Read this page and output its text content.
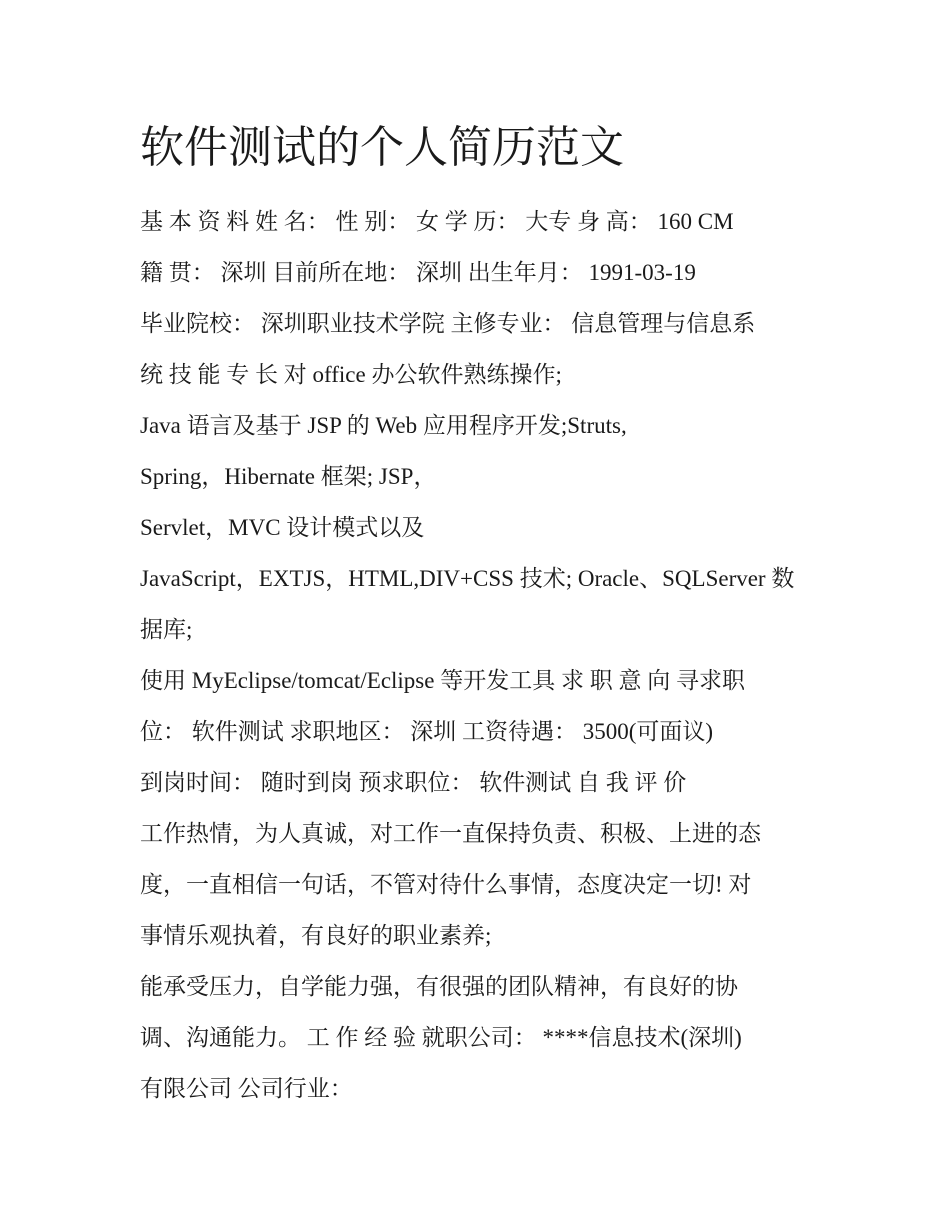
软件测试的个人简历范文

基 本 资 料 姓 名： 性 别： 女 学 历： 大专 身 高： 160 CM

籍 贯： 深圳 目前所在地： 深圳 出生年月： 1991-03-19

毕业院校： 深圳职业技术学院 主修专业： 信息管理与信息系

统 技 能 专 长 对 office 办公软件熟练操作;

Java 语言及基于 JSP 的 Web 应用程序开发;Struts,

Spring，Hibernate 框架; JSP，

Servlet，MVC 设计模式以及

JavaScript，EXTJS，HTML,DIV+CSS 技术; Oracle、SQLServer 数

据库;

使用 MyEclipse/tomcat/Eclipse 等开发工具 求 职 意 向 寻求职

位： 软件测试 求职地区： 深圳 工资待遇： 3500(可面议)

到岗时间： 随时到岗 预求职位： 软件测试 自 我 评 价

工作热情，为人真诚，对工作一直保持负责、积极、上进的态

度，一直相信一句话，不管对待什么事情，态度决定一切! 对

事情乐观执着，有良好的职业素养;

能承受压力，自学能力强，有很强的团队精神，有良好的协

调、沟通能力。 工 作 经 验 就职公司： ****信息技术(深圳)

有限公司 公司行业：
